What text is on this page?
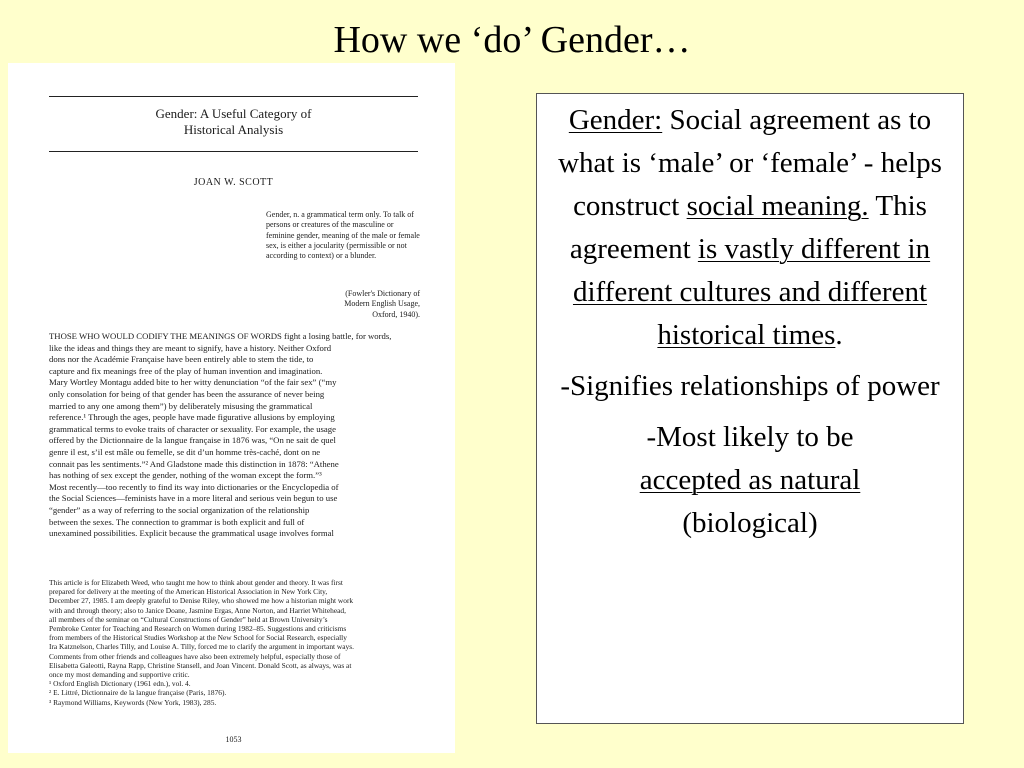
How we ‘do’ Gender…
Gender: A Useful Category of
Historical Analysis
JOAN W. SCOTT
Gender, n. a grammatical term only. To talk of persons or creatures of the masculine or feminine gender, meaning of the male or female sex, is either a jocularity (permissible or not according to context) or a blunder.
(Fowler's Dictionary of
Modern English Usage,
Oxford, 1940).
THOSE WHO WOULD CODIFY THE MEANINGS OF WORDS fight a losing battle, for words,
like the ideas and things they are meant to signify, have a history. Neither Oxford
dons nor the Académie Française have been entirely able to stem the tide, to
capture and fix meanings free of the play of human invention and imagination.
Mary Wortley Montagu added bite to her witty denunciation “of the fair sex” (“my
only consolation for being of that gender has been the assurance of never being
married to any one among them”) by deliberately misusing the grammatical
reference.¹ Through the ages, people have made figurative allusions by employing
grammatical terms to evoke traits of character or sexuality. For example, the usage
offered by the Dictionnaire de la langue française in 1876 was, “On ne sait de quel
genre il est, s’il est mâle ou femelle, se dit d’un homme très-caché, dont on ne
connait pas les sentiments.”² And Gladstone made this distinction in 1878: “Athene
has nothing of sex except the gender, nothing of the woman except the form.”³
Most recently—too recently to find its way into dictionaries or the Encyclopedia of
the Social Sciences—feminists have in a more literal and serious vein begun to use
“gender” as a way of referring to the social organization of the relationship
between the sexes. The connection to grammar is both explicit and full of
unexamined possibilities. Explicit because the grammatical usage involves formal
This article is for Elizabeth Weed, who taught me how to think about gender and theory. It was first
prepared for delivery at the meeting of the American Historical Association in New York City,
December 27, 1985. I am deeply grateful to Denise Riley, who showed me how a historian might work
with and through theory; also to Janice Doane, Jasmine Ergas, Anne Norton, and Harriet Whitehead,
all members of the seminar on “Cultural Constructions of Gender” held at Brown University’s
Pembroke Center for Teaching and Research on Women during 1982–85. Suggestions and criticisms
from members of the Historical Studies Workshop at the New School for Social Research, especially
Ira Katznelson, Charles Tilly, and Louise A. Tilly, forced me to clarify the argument in important ways.
Comments from other friends and colleagues have also been extremely helpful, especially those of
Elisabetta Galeotti, Rayna Rapp, Christine Stansell, and Joan Vincent. Donald Scott, as always, was at
once my most demanding and supportive critic.
¹ Oxford English Dictionary (1961 edn.), vol. 4.
² E. Littré, Dictionnaire de la langue française (Paris, 1876).
³ Raymond Williams, Keywords (New York, 1983), 285.
1053

Gender: Social agreement as to what is ‘male’ or ‘female’ - helps construct social meaning. This agreement is vastly different in different cultures and different historical times.

-Signifies relationships of power

-Most likely to be
accepted as natural
(biological)
